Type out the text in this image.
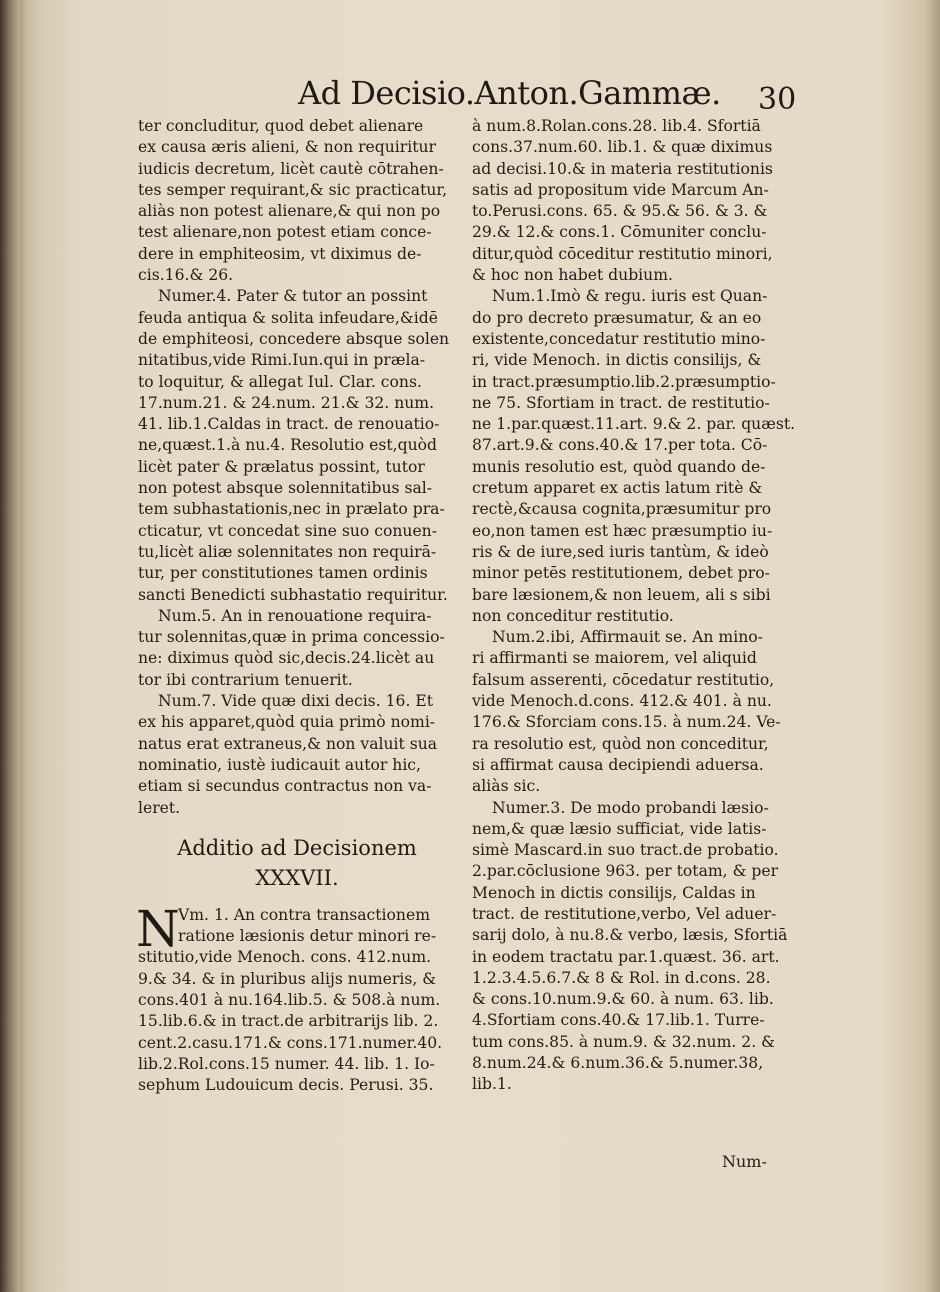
Ad Decisio.Anton.Gammæ. 30
ter concluditur, quod debet alienare
ex causa æris alieni, & non requiritur
iudicis decretum, licèt cautè cōtrahen-
tes semper requirant,& sic practicatur,
aliàs non potest alienare,& qui non po
test alienare,non potest etiam conce-
dere in emphiteosim, vt diximus de-
cis.16.& 26.
Numer.4. Pater & tutor an possint
feuda antiqua & solita infeudare,&idē
de emphiteosi, concedere absque solen
nitatibus,vide Rimi.Iun.qui in præla-
to loquitur, & allegat Iul. Clar. cons.
17.num.21. & 24.num. 21.& 32. num.
41. lib.1.Caldas in tract. de renouatio-
ne,quæst.1.à nu.4. Resolutio est,quòd
licèt pater & prælatus possint, tutor
non potest absque solennitatibus sal-
tem subhastationis,nec in prælato pra-
cticatur, vt concedat sine suo conuen-
tu,licèt aliæ solennitates non requirā-
tur, per constitutiones tamen ordinis
sancti Benedicti subhastatio requiritur.
Num.5. An in renouatione requira-
tur solennitas,quæ in prima concessio-
ne: diximus quòd sic,decis.24.licèt au
tor ibi contrarium tenuerit.
Num.7. Vide quæ dixi decis. 16. Et
ex his apparet,quòd quia primò nomi-
natus erat extraneus,& non valuit sua
nominatio, iustè iudicauit autor hic,
etiam si secundus contractus non va-
leret.
Additio ad Decisionem
XXXVII.
N
Vm. 1. An contra transactionem
ratione læsionis detur minori re-
stitutio,vide Menoch. cons. 412.num.
9.& 34. & in pluribus alijs numeris, &
cons.401 à nu.164.lib.5. & 508.à num.
15.lib.6.& in tract.de arbitrarijs lib. 2.
cent.2.casu.171.& cons.171.numer.40.
lib.2.Rol.cons.15 numer. 44. lib. 1. Io-
sephum Ludouicum decis. Perusi. 35.
à num.8.Rolan.cons.28. lib.4. Sfortiā
cons.37.num.60. lib.1. & quæ diximus
ad decisi.10.& in materia restitutionis
satis ad propositum vide Marcum An-
to.Perusi.cons. 65. & 95.& 56. & 3. &
29.& 12.& cons.1. Cōmuniter conclu-
ditur,quòd cōceditur restitutio minori,
& hoc non habet dubium.
Num.1.Imò & regu. iuris est Quan-
do pro decreto præsumatur, & an eo
existente,concedatur restitutio mino-
ri, vide Menoch. in dictis consilijs, &
in tract.præsumptio.lib.2.præsumptio-
ne 75. Sfortiam in tract. de restitutio-
ne 1.par.quæst.11.art. 9.& 2. par. quæst.
87.art.9.& cons.40.& 17.per tota. Cō-
munis resolutio est, quòd quando de-
cretum apparet ex actis latum ritè &
rectè,&causa cognita,præsumitur pro
eo,non tamen est hæc præsumptio iu-
ris & de iure,sed iuris tantùm, & ideò
minor petēs restitutionem, debet pro-
bare læsionem,& non leuem, ali s sibi
non conceditur restitutio.
Num.2.ibi, Affirmauit se. An mino-
ri affirmanti se maiorem, vel aliquid
falsum asserenti, cōcedatur restitutio,
vide Menoch.d.cons. 412.& 401. à nu.
176.& Sforciam cons.15. à num.24. Ve-
ra resolutio est, quòd non conceditur,
si affirmat causa decipiendi aduersa.
aliàs sic.
Numer.3. De modo probandi læsio-
nem,& quæ læsio sufficiat, vide latis-
simè Mascard.in suo tract.de probatio.
2.par.cōclusione 963. per totam, & per
Menoch in dictis consilijs, Caldas in
tract. de restitutione,verbo, Vel aduer-
sarij dolo, à nu.8.& verbo, læsis, Sfortiā
in eodem tractatu par.1.quæst. 36. art.
1.2.3.4.5.6.7.& 8 & Rol. in d.cons. 28.
& cons.10.num.9.& 60. à num. 63. lib.
4.Sfortiam cons.40.& 17.lib.1. Turre-
tum cons.85. à num.9. & 32.num. 2. &
8.num.24.& 6.num.36.& 5.numer.38,
lib.1.
Num-
